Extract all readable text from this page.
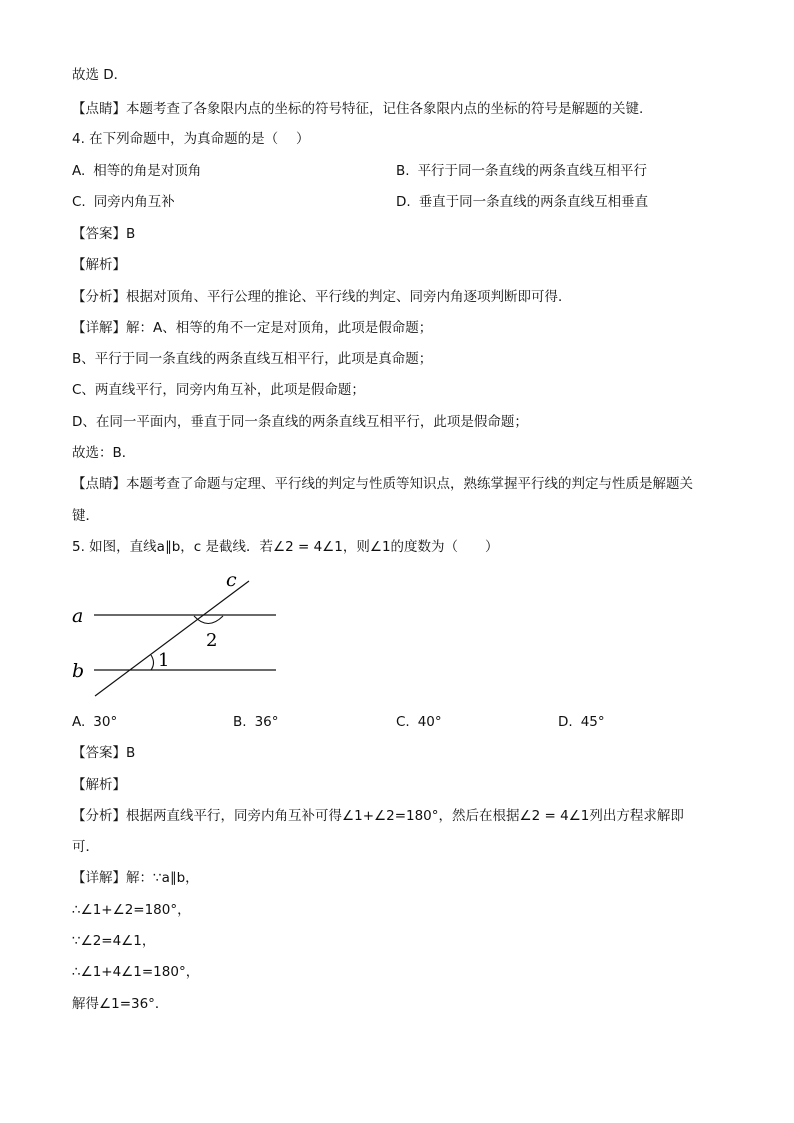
故选 D．
【点睛】本题考查了各象限内点的坐标的符号特征，记住各象限内点的坐标的符号是解题的关键.
4. 在下列命题中，为真命题的是（　 ）
A. 相等的角是对顶角	B. 平行于同一条直线的两条直线互相平行
C. 同旁内角互补	D. 垂直于同一条直线的两条直线互相垂直
【答案】B
【解析】
【分析】根据对顶角、平行公理的推论、平行线的判定、同旁内角逐项判断即可得．
【详解】解：A、相等的角不一定是对顶角，此项是假命题；
B、平行于同一条直线的两条直线互相平行，此项是真命题；
C、两直线平行，同旁内角互补，此项是假命题；
D、在同一平面内，垂直于同一条直线的两条直线互相平行，此项是假命题；
故选：B．
【点睛】本题考查了命题与定理、平行线的判定与性质等知识点，熟练掌握平行线的判定与性质是解题关
键．
5. 如图，直线a∥b，c 是截线．若∠2 = 4∠1，则∠1的度数为（　　）
a
b
c
1
2
A. 30°	B. 36°	C. 40°	D. 45°
【答案】B
【解析】
【分析】根据两直线平行，同旁内角互补可得∠1+∠2=180°，然后在根据∠2 = 4∠1列出方程求解即
可．
【详解】解：∵a∥b，
∴∠1+∠2=180°，
∵∠2=4∠1，
∴∠1+4∠1=180°，
解得∠1=36°．
